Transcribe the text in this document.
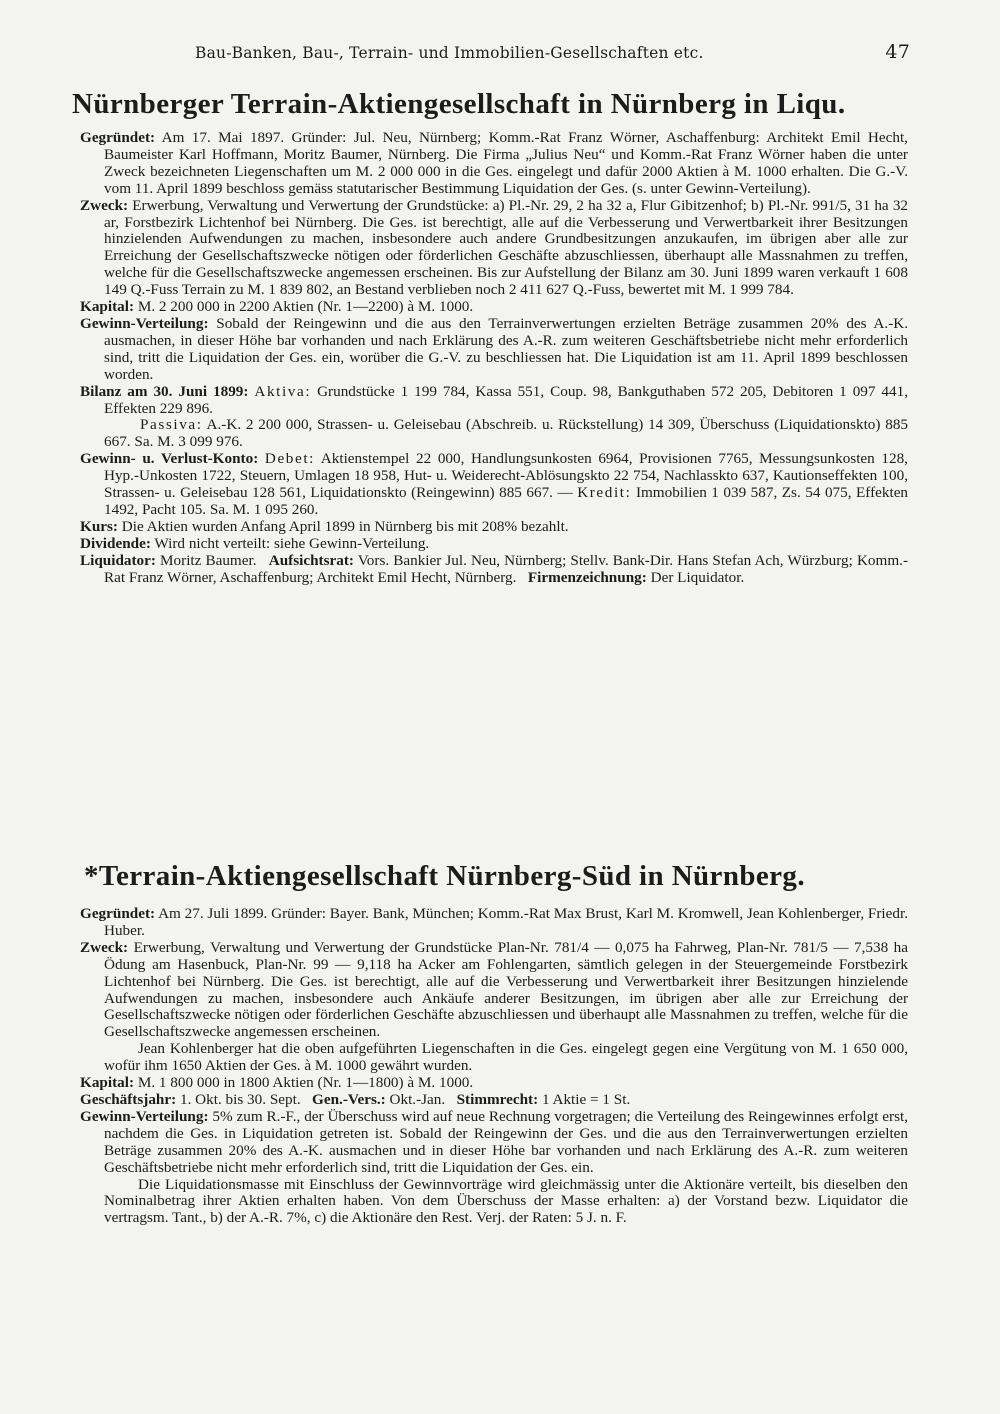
Bau-Banken, Bau-, Terrain- und Immobilien-Gesellschaften etc.	47
Nürnberger Terrain-Aktiengesellschaft in Nürnberg in Liqu.

Gegründet: Am 17. Mai 1897. Gründer: Jul. Neu, Nürnberg; Komm.-Rat Franz Wörner, Aschaffenburg: Architekt Emil Hecht, Baumeister Karl Hoffmann, Moritz Baumer, Nürnberg. Die Firma „Julius Neu“ und Komm.-Rat Franz Wörner haben die unter Zweck bezeichneten Liegenschaften um M. 2 000 000 in die Ges. eingelegt und dafür 2000 Aktien à M. 1000 erhalten. Die G.-V. vom 11. April 1899 beschloss gemäss statutarischer Bestimmung Liquidation der Ges. (s. unter Gewinn-Verteilung).

Zweck: Erwerbung, Verwaltung und Verwertung der Grundstücke: a) Pl.-Nr. 29, 2 ha 32 a, Flur Gibitzenhof; b) Pl.-Nr. 991/5, 31 ha 32 ar, Forstbezirk Lichtenhof bei Nürnberg. Die Ges. ist berechtigt, alle auf die Verbesserung und Verwertbarkeit ihrer Besitzungen hinzielenden Aufwendungen zu machen, insbesondere auch andere Grundbesitzungen anzukaufen, im übrigen aber alle zur Erreichung der Gesellschaftszwecke nötigen oder förderlichen Geschäfte abzuschliessen, überhaupt alle Massnahmen zu treffen, welche für die Gesellschaftszwecke angemessen erscheinen. Bis zur Aufstellung der Bilanz am 30. Juni 1899 waren verkauft 1 608 149 Q.-Fuss Terrain zu M. 1 839 802, an Bestand verblieben noch 2 411 627 Q.-Fuss, bewertet mit M. 1 999 784.

Kapital: M. 2 200 000 in 2200 Aktien (Nr. 1—2200) à M. 1000.

Gewinn-Verteilung: Sobald der Reingewinn und die aus den Terrainverwertungen erzielten Beträge zusammen 20% des A.-K. ausmachen, in dieser Höhe bar vorhanden und nach Erklärung des A.-R. zum weiteren Geschäftsbetriebe nicht mehr erforderlich sind, tritt die Liquidation der Ges. ein, worüber die G.-V. zu beschliessen hat. Die Liquidation ist am 11. April 1899 beschlossen worden.

Bilanz am 30. Juni 1899: Aktiva: Grundstücke 1 199 784, Kassa 551, Coup. 98, Bankguthaben 572 205, Debitoren 1 097 441, Effekten 229 896.

Passiva: A.-K. 2 200 000, Strassen- u. Geleisebau (Abschreib. u. Rückstellung) 14 309, Überschuss (Liquidationskto) 885 667. Sa. M. 3 099 976.

Gewinn- u. Verlust-Konto: Debet: Aktienstempel 22 000, Handlungsunkosten 6964, Provisionen 7765, Messungsunkosten 128, Hyp.-Unkosten 1722, Steuern, Umlagen 18 958, Hut- u. Weiderecht-Ablösungskto 22 754, Nachlasskto 637, Kautionseffekten 100, Strassen- u. Geleisebau 128 561, Liquidationskto (Reingewinn) 885 667. — Kredit: Immobilien 1 039 587, Zs. 54 075, Effekten 1492, Pacht 105. Sa. M. 1 095 260.

Kurs: Die Aktien wurden Anfang April 1899 in Nürnberg bis mit 208% bezahlt.

Dividende: Wird nicht verteilt: siehe Gewinn-Verteilung.

Liquidator: Moritz Baumer. Aufsichtsrat: Vors. Bankier Jul. Neu, Nürnberg; Stellv. Bank-Dir. Hans Stefan Ach, Würzburg; Komm.-Rat Franz Wörner, Aschaffenburg; Architekt Emil Hecht, Nürnberg. Firmenzeichnung: Der Liquidator.

*Terrain-Aktiengesellschaft Nürnberg-Süd in Nürnberg.

Gegründet: Am 27. Juli 1899. Gründer: Bayer. Bank, München; Komm.-Rat Max Brust, Karl M. Kromwell, Jean Kohlenberger, Friedr. Huber.

Zweck: Erwerbung, Verwaltung und Verwertung der Grundstücke Plan-Nr. 781/4 — 0,075 ha Fahrweg, Plan-Nr. 781/5 — 7,538 ha Ödung am Hasenbuck, Plan-Nr. 99 — 9,118 ha Acker am Fohlengarten, sämtlich gelegen in der Steuergemeinde Forstbezirk Lichtenhof bei Nürnberg. Die Ges. ist berechtigt, alle auf die Verbesserung und Verwertbarkeit ihrer Besitzungen hinzielende Aufwendungen zu machen, insbesondere auch Ankäufe anderer Besitzungen, im übrigen aber alle zur Erreichung der Gesellschaftszwecke nötigen oder förderlichen Geschäfte abzuschliessen und überhaupt alle Massnahmen zu treffen, welche für die Gesellschaftszwecke angemessen erscheinen.

Jean Kohlenberger hat die oben aufgeführten Liegenschaften in die Ges. eingelegt gegen eine Vergütung von M. 1 650 000, wofür ihm 1650 Aktien der Ges. à M. 1000 gewährt wurden.

Kapital: M. 1 800 000 in 1800 Aktien (Nr. 1—1800) à M. 1000.

Geschäftsjahr: 1. Okt. bis 30. Sept. Gen.-Vers.: Okt.-Jan. Stimmrecht: 1 Aktie = 1 St.

Gewinn-Verteilung: 5% zum R.-F., der Überschuss wird auf neue Rechnung vorgetragen; die Verteilung des Reingewinnes erfolgt erst, nachdem die Ges. in Liquidation getreten ist. Sobald der Reingewinn der Ges. und die aus den Terrainverwertungen erzielten Beträge zusammen 20% des A.-K. ausmachen und in dieser Höhe bar vorhanden und nach Erklärung des A.-R. zum weiteren Geschäftsbetriebe nicht mehr erforderlich sind, tritt die Liquidation der Ges. ein.

Die Liquidationsmasse mit Einschluss der Gewinnvorträge wird gleichmässig unter die Aktionäre verteilt, bis dieselben den Nominalbetrag ihrer Aktien erhalten haben. Von dem Überschuss der Masse erhalten: a) der Vorstand bezw. Liquidator die vertragsm. Tant., b) der A.-R. 7%, c) die Aktionäre den Rest. Verj. der Raten: 5 J. n. F.
